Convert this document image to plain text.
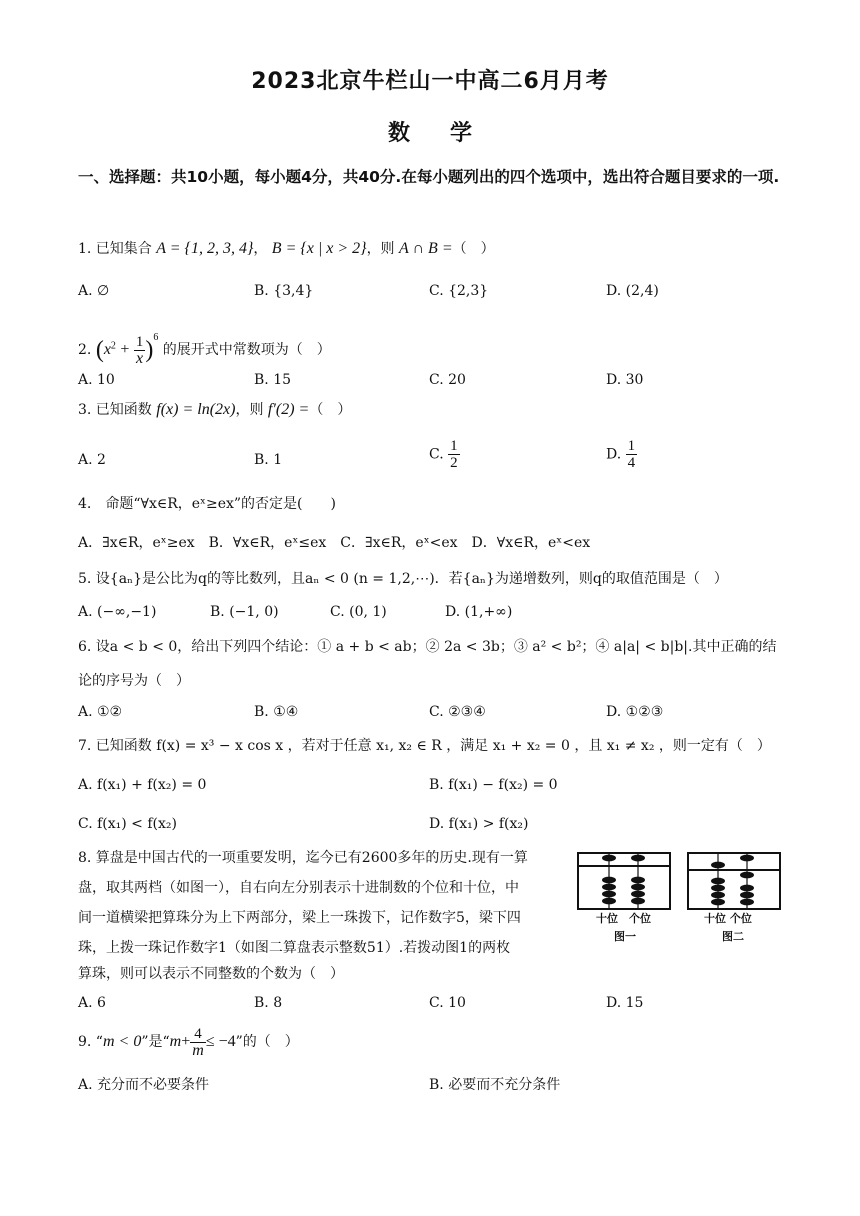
2023北京牛栏山一中高二6月月考
数学
一、选择题：共10小题，每小题4分，共40分.在每小题列出的四个选项中，选出符合题目要求的一项.
1. 已知集合 A = {1, 2, 3, 4}， B = {x | x > 2}，则 A ∩ B =（　）
A. ∅	B. {3,4}	C. {2,3}	D. (2,4)
2. $(x^2 + \frac{1}{x} )^6$ 的展开式中常数项为（　）
A. 10	B. 15	C. 20	D. 30
3. 已知函数 f(x) = ln(2x)，则 f′(2) =（　）
A. 2	B. 1	C. $\frac{1}{2}$	D. $\frac{1}{4}$
4.　命题“∀x∈R，eˣ≥ex”的否定是(　　)
A．∃x∈R，eˣ≥ex　B．∀x∈R，eˣ≤ex　C．∃x∈R，eˣ<ex　D．∀x∈R，eˣ<ex
5. 设{aₙ}是公比为q的等比数列，且aₙ < 0 (n = 1,2,⋯)．若{aₙ}为递增数列，则q的取值范围是（　）
A. (−∞,−1)	B. (−1, 0)	C. (0, 1)	D. (1,+∞)
6. 设a < b < 0，给出下列四个结论：① a + b < ab；② 2a < 3b；③ a² < b²；④ a|a| < b|b|.其中正确的结
论的序号为（　）
A. ①②	B. ①④	C. ②③④	D. ①②③
7. 已知函数 f(x) = x³ − x cos x ，若对于任意 x₁, x₂ ∈ R ，满足 x₁ + x₂ = 0 ，且 x₁ ≠ x₂ ，则一定有（　）
A. f(x₁) + f(x₂) = 0	B. f(x₁) − f(x₂) = 0
C. f(x₁) < f(x₂)	D. f(x₁) > f(x₂)
8. 算盘是中国古代的一项重要发明，迄今已有2600多年的历史.现有一算
盘，取其两档（如图一），自右向左分别表示十进制数的个位和十位，中
间一道横梁把算珠分为上下两部分，梁上一珠拨下，记作数字5，梁下四
珠，上拨一珠记作数字1（如图二算盘表示整数51）.若拨动图1的两枚
算珠，则可以表示不同整数的个数为（　）
十位　个位
图一
十位 个位
图二
A. 6	B. 8	C. 10	D. 15
9. “m < 0”是“$m+ \frac{4}{m} \le -4$”的（　）
A. 充分而不必要条件	B. 必要而不充分条件
